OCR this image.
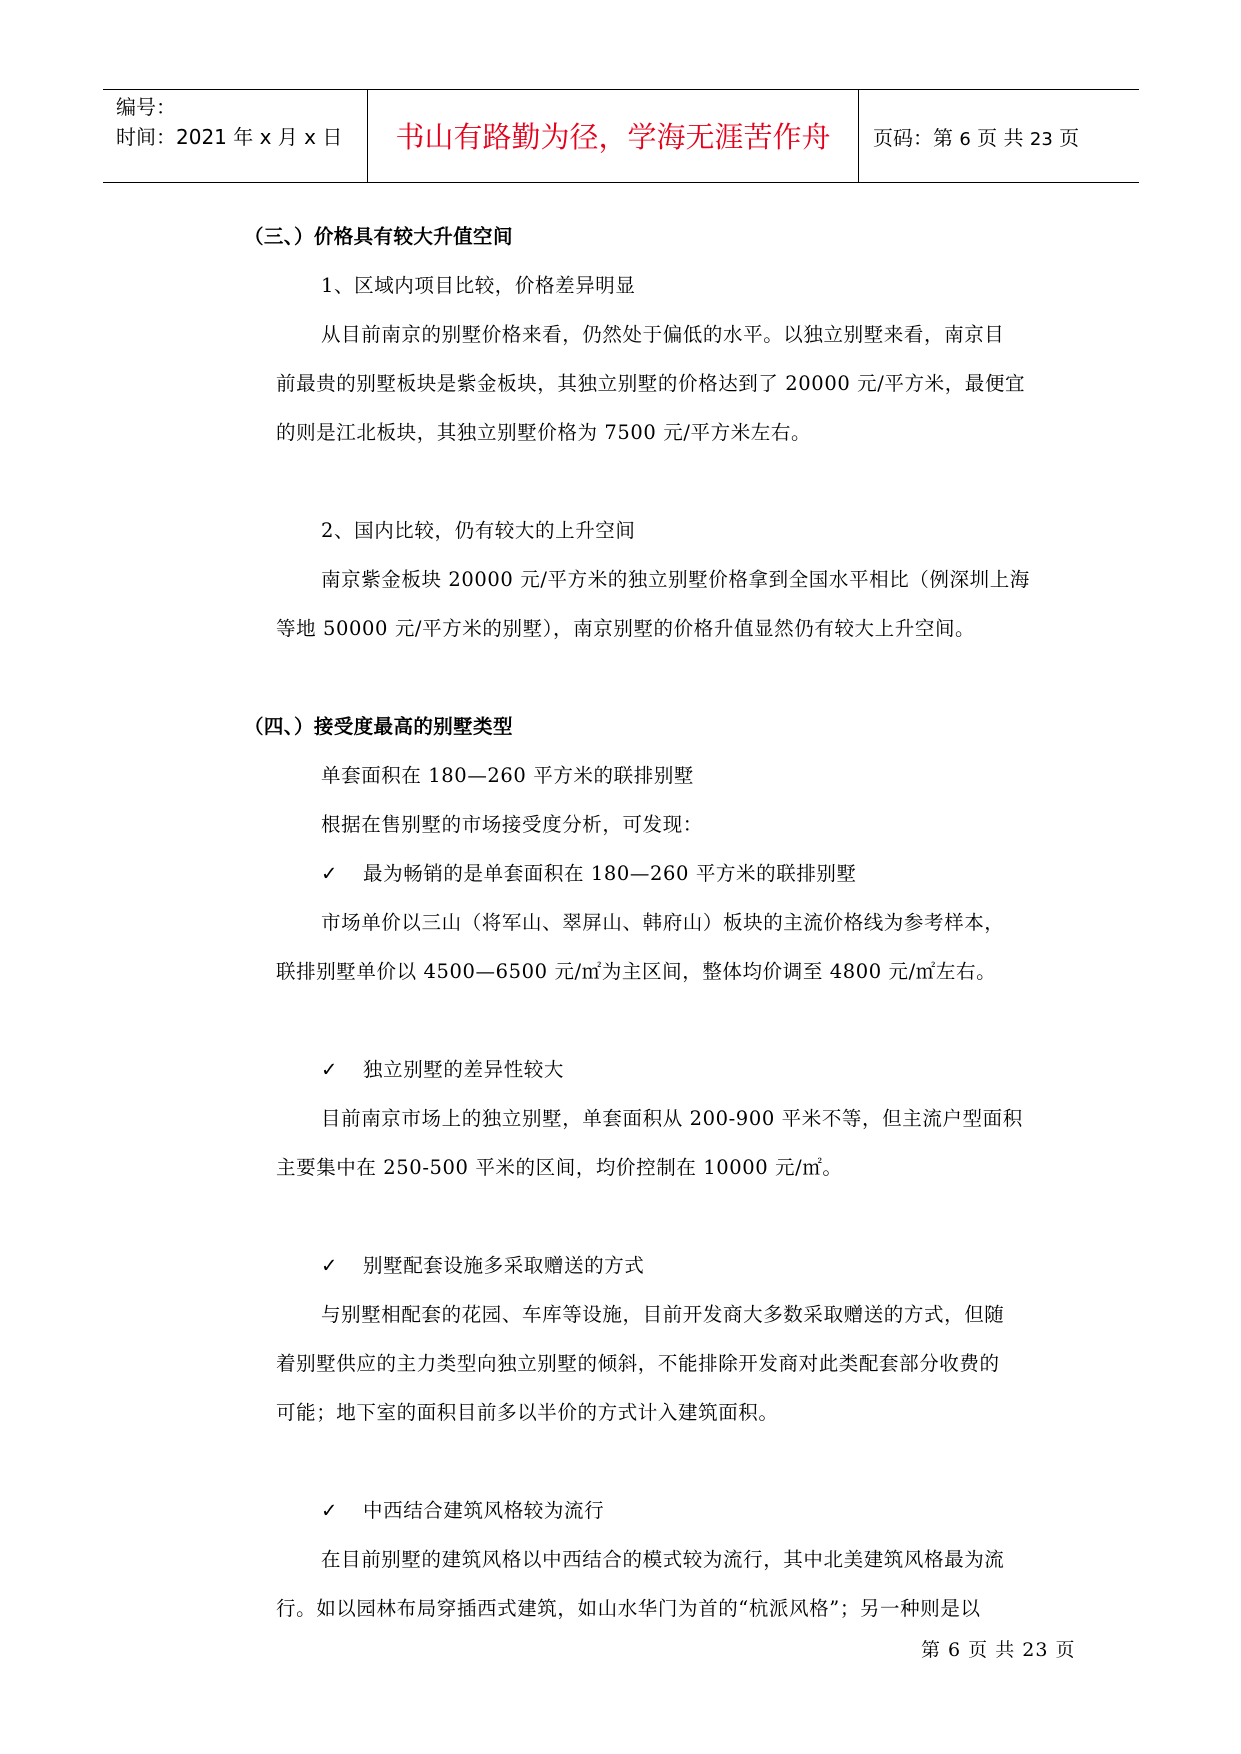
编号：
时间：2021 年 x 月 x 日	书山有路勤为径，学海无涯苦作舟	页码：第 6 页 共 23 页
（三、）价格具有较大升值空间
1、区域内项目比较，价格差异明显
从目前南京的别墅价格来看，仍然处于偏低的水平。以独立别墅来看，南京目
前最贵的别墅板块是紫金板块，其独立别墅的价格达到了 20000 元/平方米，最便宜
的则是江北板块，其独立别墅价格为 7500 元/平方米左右。
2、国内比较，仍有较大的上升空间
南京紫金板块 20000 元/平方米的独立别墅价格拿到全国水平相比（例深圳上海
等地 50000 元/平方米的别墅），南京别墅的价格升值显然仍有较大上升空间。
（四、）接受度最高的别墅类型
单套面积在 180—260 平方米的联排别墅
根据在售别墅的市场接受度分析，可发现：
✓ 最为畅销的是单套面积在 180—260 平方米的联排别墅
市场单价以三山（将军山、翠屏山、韩府山）板块的主流价格线为参考样本，
联排别墅单价以 4500—6500 元/㎡为主区间，整体均价调至 4800 元/㎡左右。
✓ 独立别墅的差异性较大
目前南京市场上的独立别墅，单套面积从 200-900 平米不等，但主流户型面积
主要集中在 250-500 平米的区间，均价控制在 10000 元/㎡。
✓ 别墅配套设施多采取赠送的方式
与别墅相配套的花园、车库等设施，目前开发商大多数采取赠送的方式，但随
着别墅供应的主力类型向独立别墅的倾斜，不能排除开发商对此类配套部分收费的
可能；地下室的面积目前多以半价的方式计入建筑面积。
✓ 中西结合建筑风格较为流行
在目前别墅的建筑风格以中西结合的模式较为流行，其中北美建筑风格最为流
行。如以园林布局穿插西式建筑，如山水华门为首的“杭派风格”；另一种则是以
第 6 页 共 23 页
